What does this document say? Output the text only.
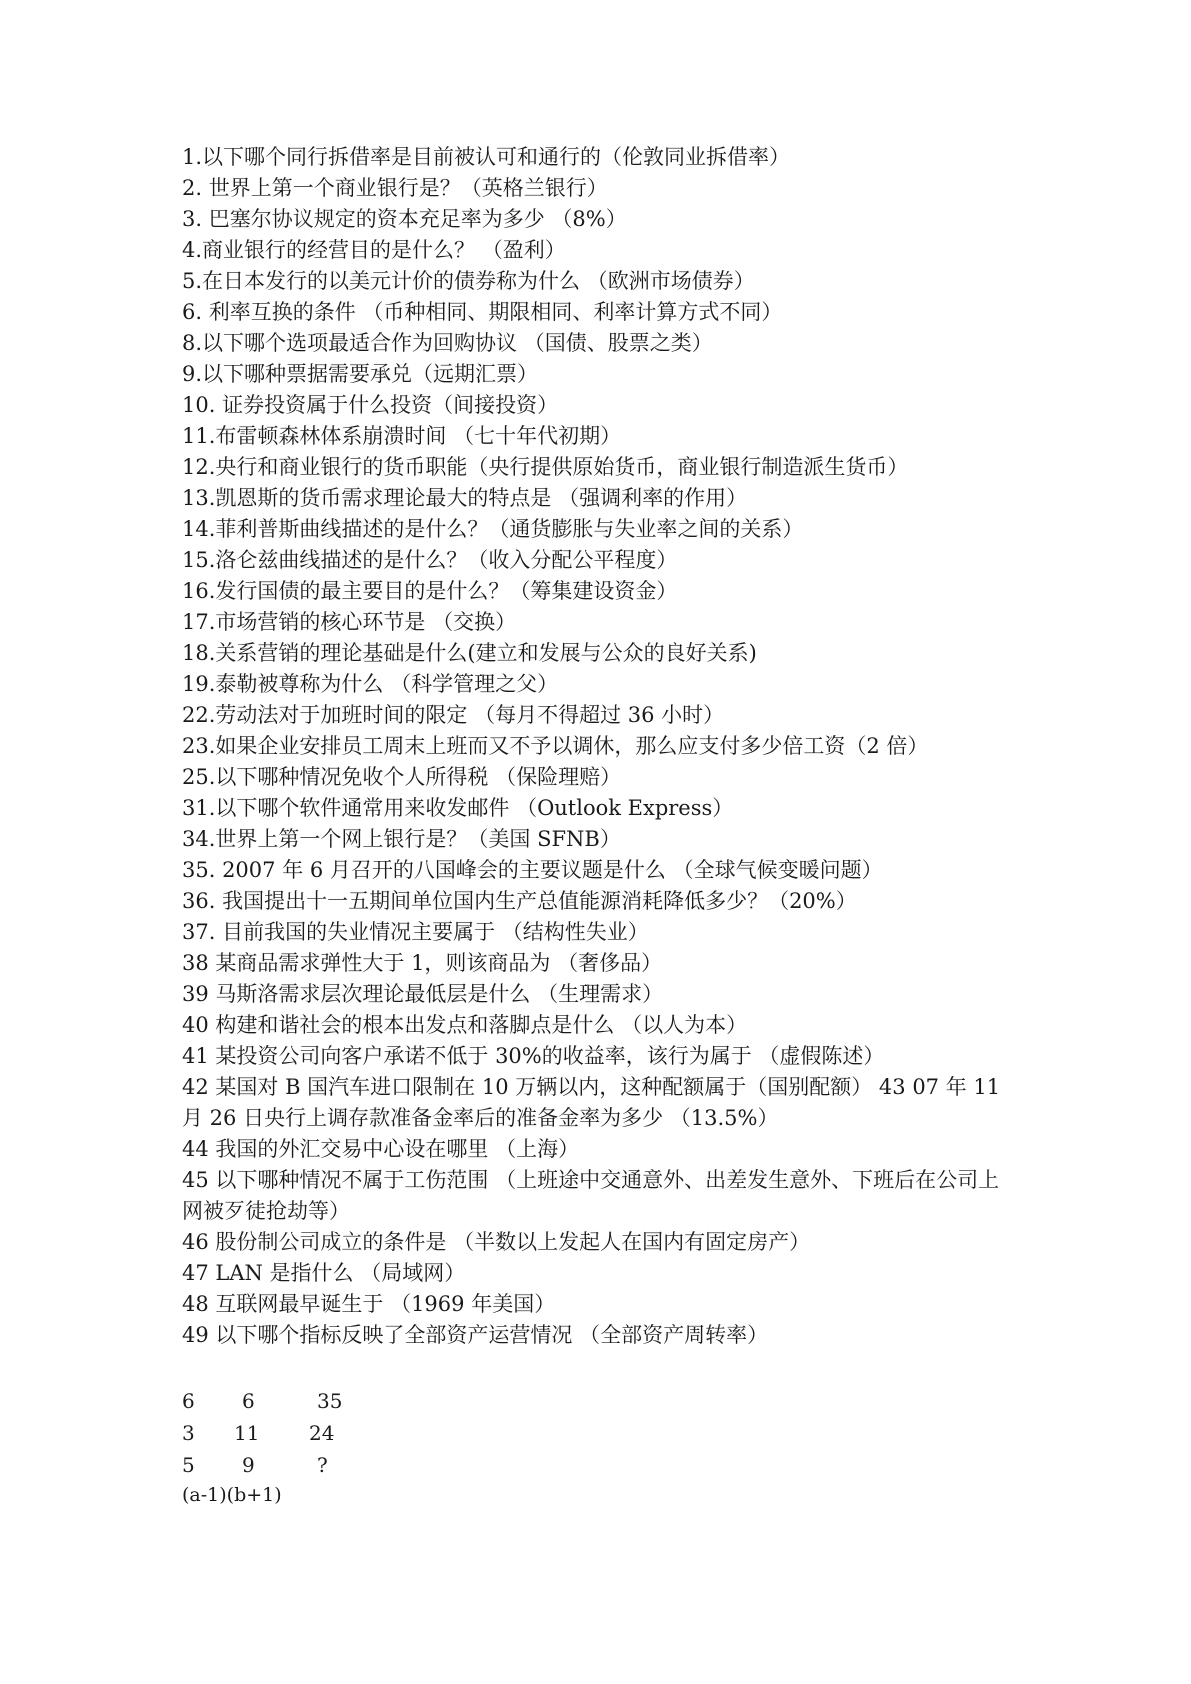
1.以下哪个同行拆借率是目前被认可和通行的（伦敦同业拆借率）

2. 世界上第一个商业银行是？（英格兰银行）

3. 巴塞尔协议规定的资本充足率为多少 （8%）

4.商业银行的经营目的是什么？ （盈利）

5.在日本发行的以美元计价的债券称为什么 （欧洲市场债券）

6. 利率互换的条件 （币种相同、期限相同、利率计算方式不同）

8.以下哪个选项最适合作为回购协议 （国债、股票之类）

9.以下哪种票据需要承兑（远期汇票）

10. 证券投资属于什么投资（间接投资）

11.布雷顿森林体系崩溃时间 （七十年代初期）

12.央行和商业银行的货币职能（央行提供原始货币，商业银行制造派生货币）

13.凯恩斯的货币需求理论最大的特点是 （强调利率的作用）

14.菲利普斯曲线描述的是什么？（通货膨胀与失业率之间的关系）

15.洛仑兹曲线描述的是什么？（收入分配公平程度）

16.发行国债的最主要目的是什么？（筹集建设资金）

17.市场营销的核心环节是 （交换）

18.关系营销的理论基础是什么(建立和发展与公众的良好关系)

19.泰勒被尊称为什么 （科学管理之父）

22.劳动法对于加班时间的限定 （每月不得超过 36 小时）

23.如果企业安排员工周末上班而又不予以调休，那么应支付多少倍工资（2 倍）

25.以下哪种情况免收个人所得税 （保险理赔）

31.以下哪个软件通常用来收发邮件 （Outlook Express）

34.世界上第一个网上银行是？（美国 SFNB）

35. 2007 年 6 月召开的八国峰会的主要议题是什么 （全球气候变暖问题）

36. 我国提出十一五期间单位国内生产总值能源消耗降低多少？（20%）

37. 目前我国的失业情况主要属于 （结构性失业）

38 某商品需求弹性大于 1，则该商品为 （奢侈品）

39 马斯洛需求层次理论最低层是什么 （生理需求）

40 构建和谐社会的根本出发点和落脚点是什么 （以人为本）

41 某投资公司向客户承诺不低于 30%的收益率，该行为属于 （虚假陈述）

42 某国对 B 国汽车进口限制在 10 万辆以内，这种配额属于（国别配额） 43 07 年 11 月 26 日央行上调存款准备金率后的准备金率为多少 （13.5%）

44 我国的外汇交易中心设在哪里 （上海）

45 以下哪种情况不属于工伤范围 （上班途中交通意外、出差发生意外、下班后在公司上网被歹徒抢劫等）

46 股份制公司成立的条件是 （半数以上发起人在国内有固定房产）

47 LAN 是指什么 （局域网）

48 互联网最早诞生于 （1969 年美国）

49 以下哪个指标反映了全部资产运营情况 （全部资产周转率）

6 6	35
3 11 24
5 9	?
(a-1)(b+1)
